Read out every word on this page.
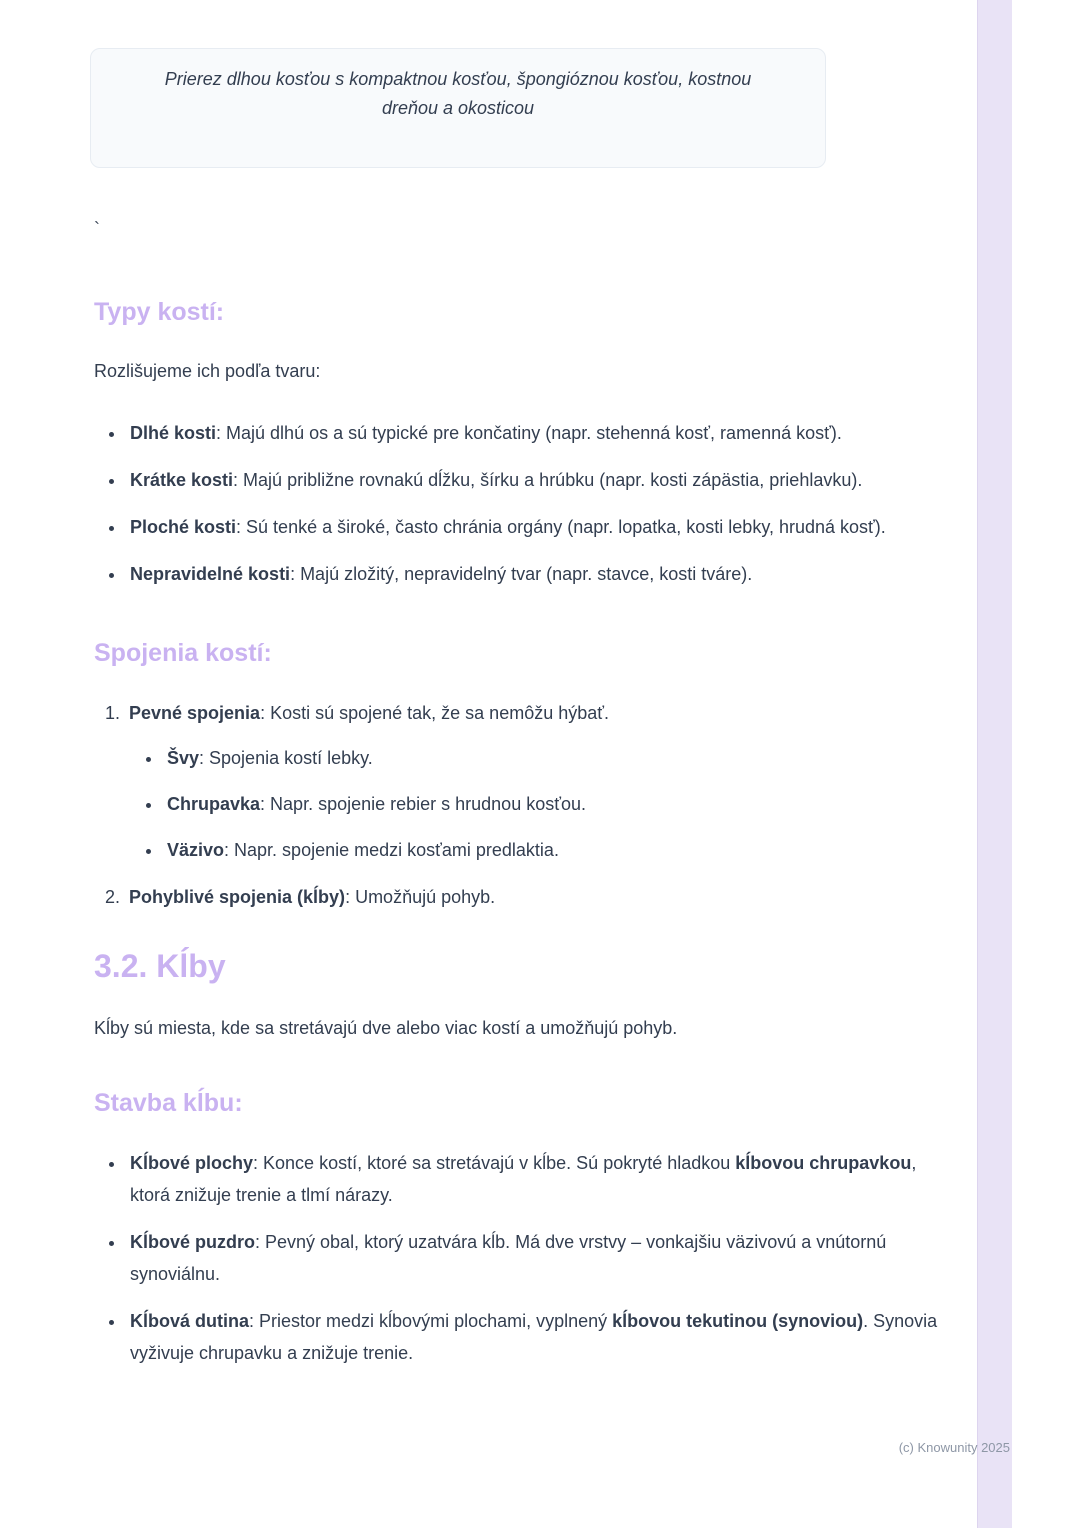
Prierez dlhou kosťou s kompaktnou kosťou, špongióznou kosťou, kostnou dreňou a okosticou

`

Typy kostí:

Rozlišujeme ich podľa tvaru:

• Dlhé kosti: Majú dlhú os a sú typické pre končatiny (napr. stehenná kosť, ramenná kosť).
• Krátke kosti: Majú približne rovnakú dĺžku, šírku a hrúbku (napr. kosti zápästia, priehlavku).
• Ploché kosti: Sú tenké a široké, často chránia orgány (napr. lopatka, kosti lebky, hrudná kosť).
• Nepravidelné kosti: Majú zložitý, nepravidelný tvar (napr. stavce, kosti tváre).
Spojenia kostí:
1. Pevné spojenia: Kosti sú spojené tak, že sa nemôžu hýbať.
• Švy: Spojenia kostí lebky.
• Chrupavka: Napr. spojenie rebier s hrudnou kosťou.
• Väzivo: Napr. spojenie medzi kosťami predlaktia.
2. Pohyblivé spojenia (kĺby): Umožňujú pohyb.
3.2. Kĺby

Kĺby sú miesta, kde sa stretávajú dve alebo viac kostí a umožňujú pohyb.

Stavba kĺbu:
• Kĺbové plochy: Konce kostí, ktoré sa stretávajú v kĺbe. Sú pokryté hladkou kĺbovou chrupavkou, ktorá znižuje trenie a tlmí nárazy.
• Kĺbové puzdro: Pevný obal, ktorý uzatvára kĺb. Má dve vrstvy – vonkajšiu väzivovú a vnútornú synoviálnu.
• Kĺbová dutina: Priestor medzi kĺbovými plochami, vyplnený kĺbovou tekutinou (synoviou). Synovia vyživuje chrupavku a znižuje trenie.
(c) Knowunity 2025
